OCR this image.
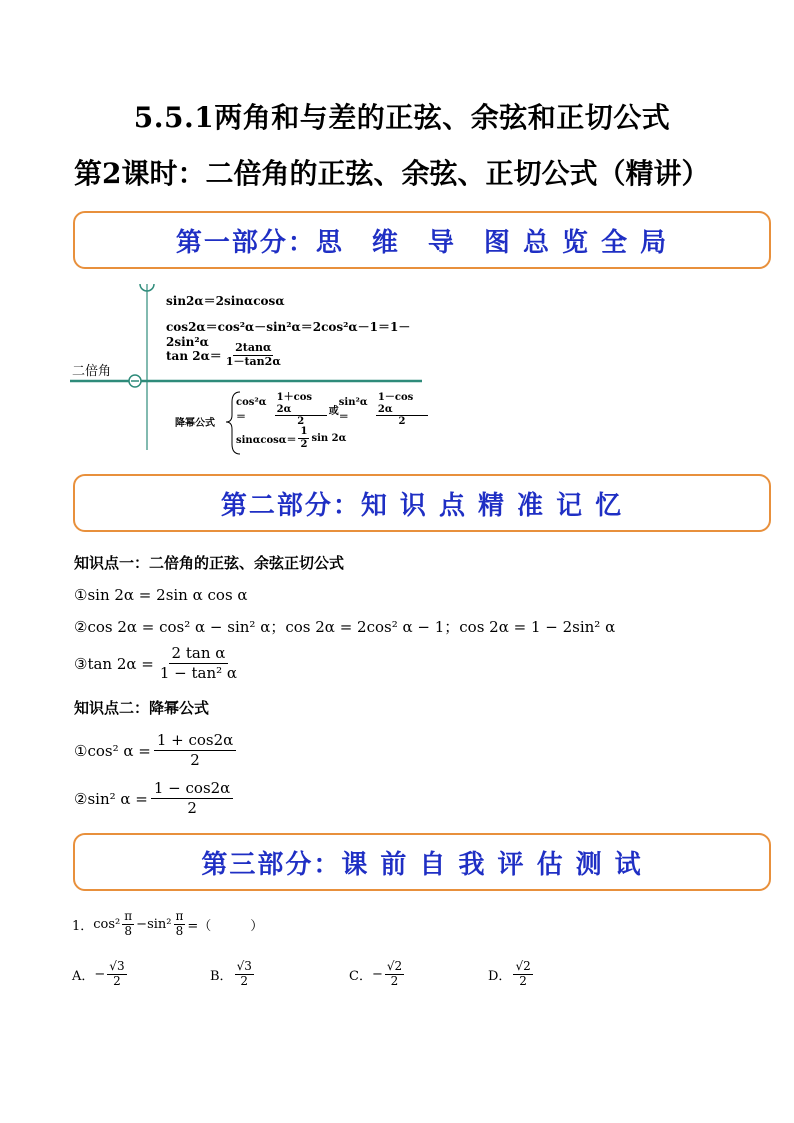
5.5.1两角和与差的正弦、余弦和正切公式
第2课时：二倍角的正弦、余弦、正切公式（精讲）
第一部分：思　维　导　图 总 览 全 局
sin2α＝2sinαcosα
cos2α＝cos²α－sin²α＝2cos²α－1＝1－2sin²α
$\tan 2\alpha= \frac{2\tan\alpha}{1-\tan 2\alpha}$
二倍角
降幂公式
cos²α＝	$\frac{1+\cos 2\alpha}{2}$ 或
sin²α＝	$\frac{1-\cos 2\alpha}{2}$
$\sin\alpha\cos\alpha= \frac{1}{2}$ sin 2α
第二部分：知 识 点 精 准 记 忆
知识点一：二倍角的正弦、余弦正切公式
①sin 2α = 2sin α cos α
②cos 2α = cos² α − sin² α ； cos 2α = 2cos² α − 1 ； cos 2α = 1 − 2sin² α
③tan $2\alpha = \frac{\text{2 tan α}}{\text{1 − tan² α}}$
知识点二：降幂公式
①cos² $\alpha = \frac{1 + \cos 2\alpha}{2}$
②sin² $\alpha = \frac{1 - \cos 2\alpha}{2}$
第三部分：课 前 自 我 评 估 测 试
1． cos²
π
$8 - \sin^2 \frac{\pi}{8}$ =（　　　）
A． − $\frac{√3}{2}$	B． $\frac{√3}{2}$	C． − $\frac{√2}{2}$	D． $\frac{√2}{2}$
